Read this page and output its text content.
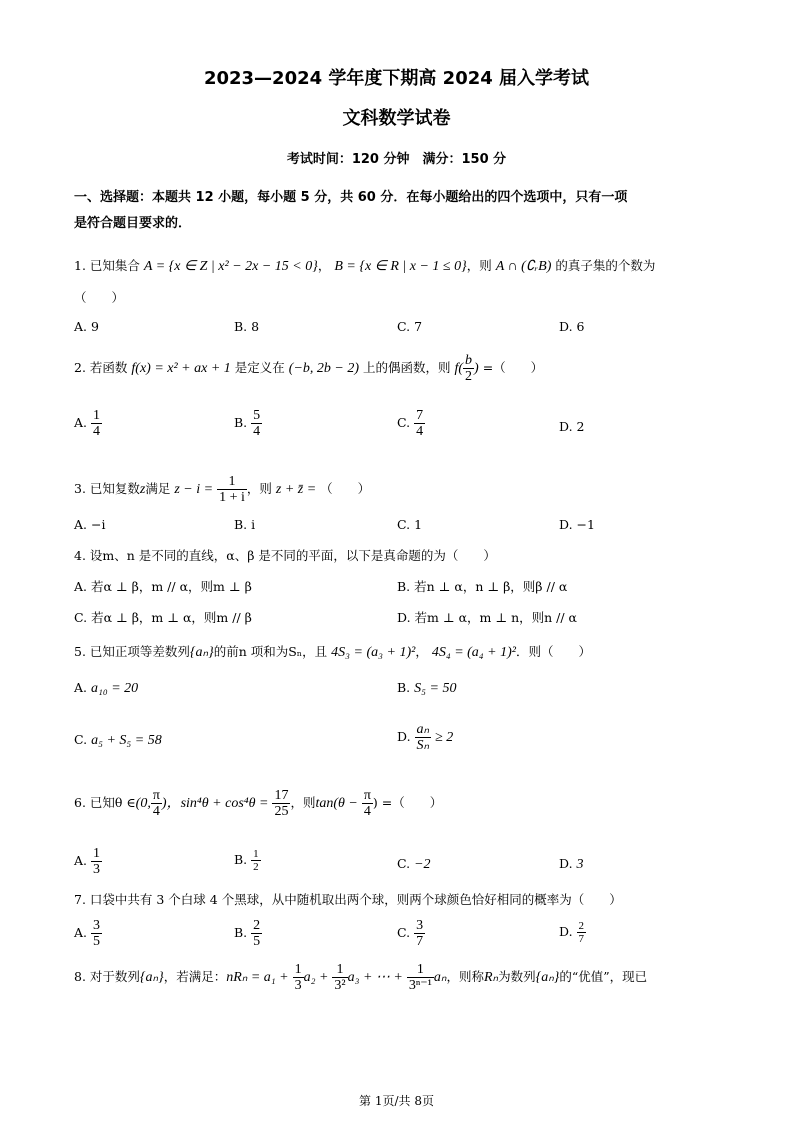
2023—2024 学年度下期高 2024 届入学考试
文科数学试卷
考试时间：120 分钟　满分：150 分
一、选择题：本题共 12 小题，每小题 5 分，共 60 分．在每小题给出的四个选项中，只有一项
是符合题目要求的．
1. 已知集合 A = {x ∈ Z | x² − 2x − 15 < 0}， B = {x ∈ R | x − 1 ≤ 0}，则 A ∩ (∁ᵣB) 的真子集的个数为
（　　）
A. 9	B. 8	C. 7	D. 6
2. 若函数 f(x) = x² + ax + 1 是定义在 (−b, 2b − 2) 上的偶函数，则 $f( \frac{b}{2}$ ) =（　　）
A. $\frac{1}{4}$	B. $\frac{5}{4}$	C. $\frac{7}{4}$	D. 2
3. 已知复数z满足 $z - i = \frac{1}{1 + i}$ ，则 z + z̄ = （　　）
A. −i	B. i	C. 1	D. −1
4. 设m、n 是不同的直线，α、β 是不同的平面，以下是真命题的为（　　）
A. 若α ⊥ β，m // α，则m ⊥ β	B. 若n ⊥ α，n ⊥ β，则β // α
C. 若α ⊥ β，m ⊥ α，则m // β	D. 若m ⊥ α，m ⊥ n，则n // α
5. 已知正项等差数列{aₙ}的前n 项和为Sₙ，且 4S₃ = (a₃ + 1)²， 4S₄ = (a₄ + 1)²．则（　　）
A. a₁₀ = 20	B. S₅ = 50
C. a₅ + S₅ = 58	D. $\frac{\text{aₙ}}{\text{Sₙ}} \ge 2$
6. 已知θ ∈(0, $\frac{\pi}{4}$ )，$\sin^4\theta + \cos^4\theta = \frac{17}{25}$ ，则$\tan(\theta - \frac{\pi}{4}$ ) =（　　）
A. $\frac{1}{3}$	B. $\frac{1}{2}$	C. −2	D. 3
7. 口袋中共有 3 个白球 4 个黑球，从中随机取出两个球，则两个球颜色恰好相同的概率为（　　）
A. $\frac{3}{5}$	B. $\frac{2}{5}$	C. $\frac{3}{7}$	D. $\frac{2}{7}$
8. 对于数列{aₙ}，若满足：$nR_n = a_1 + \frac{1}{3} a_2 + \frac{1}{\text{3²}} a_3$ + ⋯ + $\frac{1}{\text{3ⁿ⁻¹}}$ aₙ，则称Rₙ为数列{aₙ}的“优值”，现已
第 1页/共 8页
